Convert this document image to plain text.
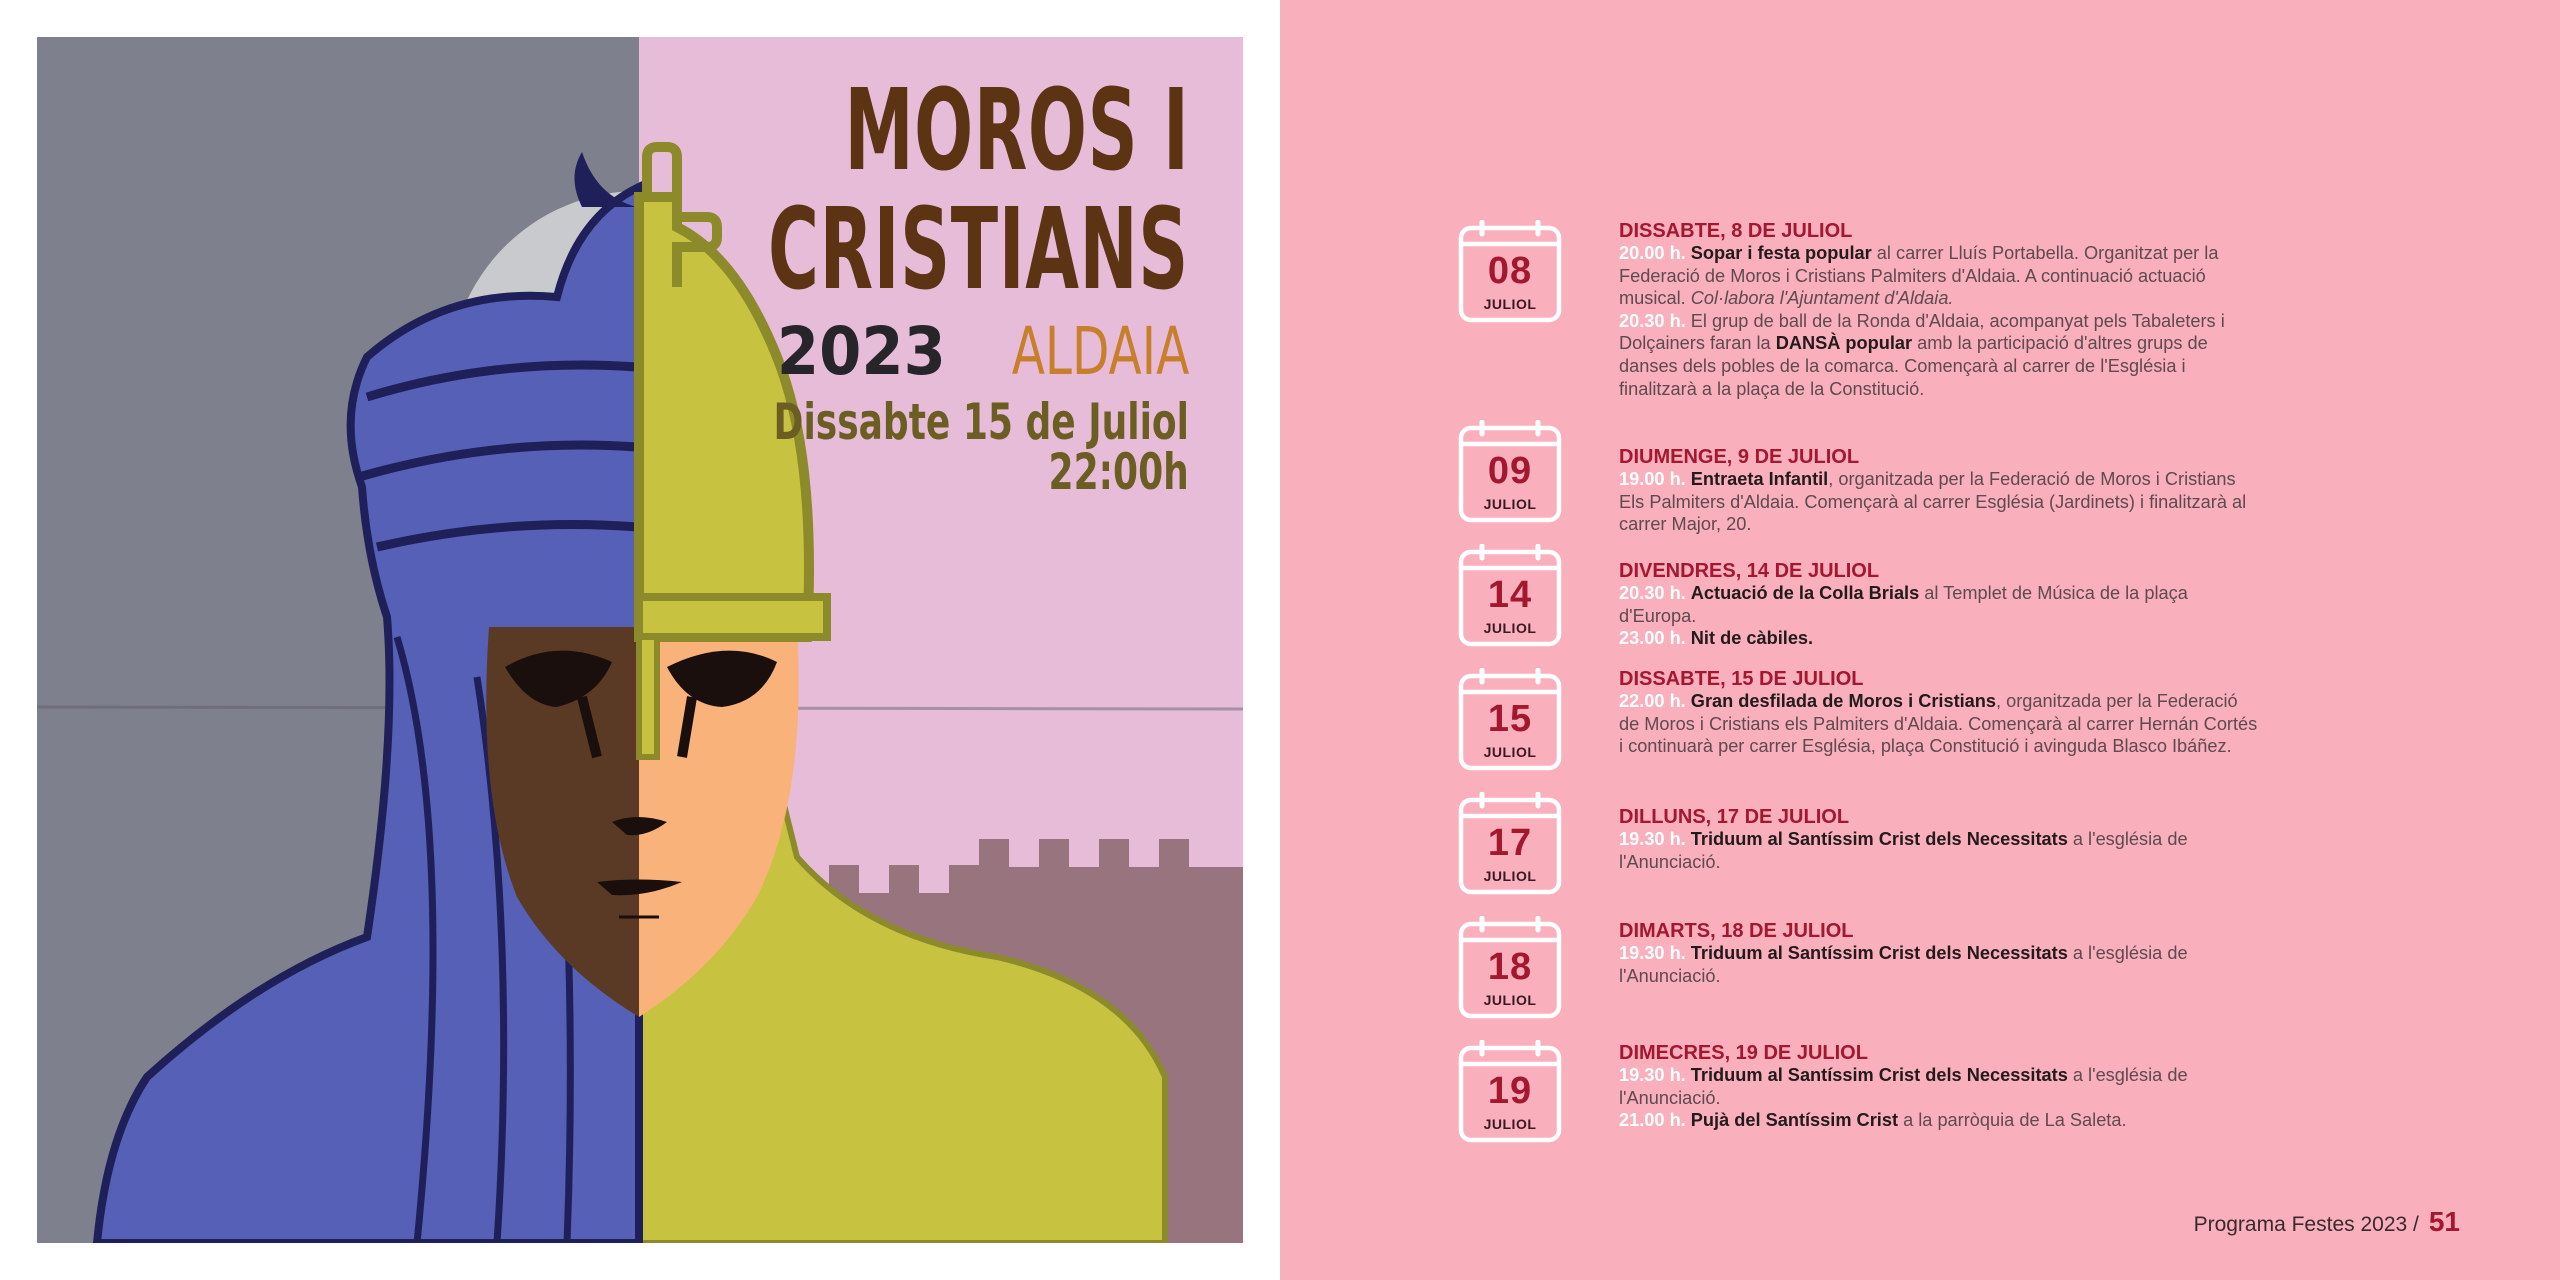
MOROS I
CRISTIANS
2023 ALDAIA
Dissabte 15 de Juliol
22:00h
08
JULIOL
DISSABTE, 8 DE JULIOL
20.00 h. Sopar i festa popular al carrer Lluís Portabella. Organitzat per la Federació de Moros i Cristians Palmiters d'Aldaia. A continuació actuació musical. Col·labora l'Ajuntament d'Aldaia.
20.30 h. El grup de ball de la Ronda d'Aldaia, acompanyat pels Tabaleters i Dolçainers faran la DANSÀ popular amb la participació d'altres grups de danses dels pobles de la comarca. Començarà al carrer de l'Església i finalitzarà a la plaça de la Constitució.
09
JULIOL
DIUMENGE, 9 DE JULIOL
19.00 h. Entraeta Infantil, organitzada per la Federació de Moros i Cristians Els Palmiters d'Aldaia. Començarà al carrer Església (Jardinets) i finalitzarà al carrer Major, 20.
14
JULIOL
DIVENDRES, 14 DE JULIOL
20.30 h. Actuació de la Colla Brials al Templet de Música de la plaça d'Europa.
23.00 h. Nit de càbiles.
15
JULIOL
DISSABTE, 15 DE JULIOL
22.00 h. Gran desfilada de Moros i Cristians, organitzada per la Federació de Moros i Cristians els Palmiters d'Aldaia. Començarà al carrer Hernán Cortés i continuarà per carrer Església, plaça Constitució i avinguda Blasco Ibáñez.
17
JULIOL
DILLUNS, 17 DE JULIOL
19.30 h. Triduum al Santíssim Crist dels Necessitats a l'església de l'Anunciació.
18
JULIOL
DIMARTS, 18 DE JULIOL
19.30 h. Triduum al Santíssim Crist dels Necessitats a l'església de l'Anunciació.
19
JULIOL
DIMECRES, 19 DE JULIOL
19.30 h. Triduum al Santíssim Crist dels Necessitats a l'església de l'Anunciació.
21.00 h. Pujà del Santíssim Crist a la parròquia de La Saleta.
Programa Festes 2023 / 51
